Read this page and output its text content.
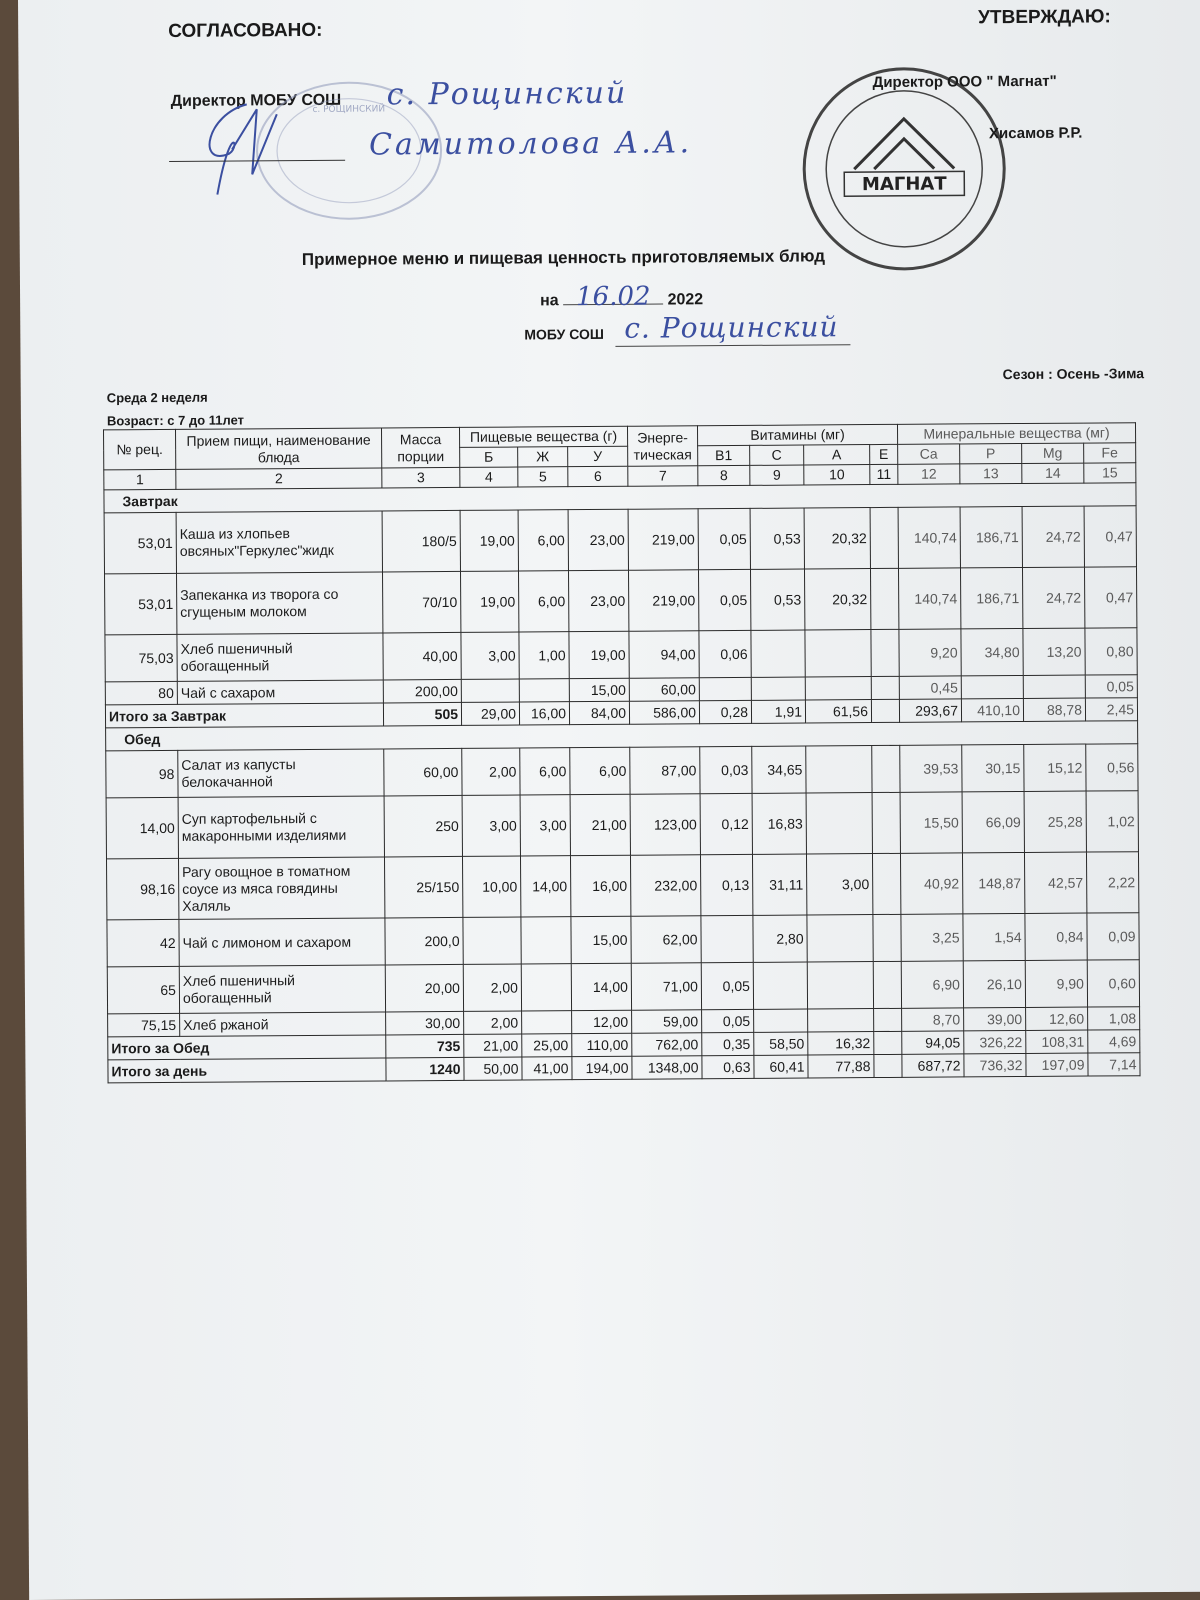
СОГЛАСОВАНО:
Директор МОБУ СОШ
с. РОЩИНСКИЙ с. Рощинский
Самитолова А.А.
УТВЕРЖДАЮ:
МАГНАТ
Директор ООО " Магнат"
Хисамов Р.Р.
Примерное меню и пищевая ценность приготовляемых блюд
на	2022
16.02
МОБУ СОШ с. Рощинский
Среда 2 неделя
Возраст: с 7 до 11лет
Сезон : Осень -Зима
№ рец.	Прием пищи, наименование блюда	Масса порции	Пищевые вещества (г)			Энерге-тическая	Витамины (мг)				Минеральные вещества (мг)			
			Б	Ж	У		В1	С	А	Е	Ca	P	Mg	Fe
1	2	3	4	5	6	7	8	9	10	11	12	13	14	15
Завтрак														
53,01	Каша из хлопьев овсяных"Геркулес"жидк	180/5	19,00	6,00	23,00	219,00	0,05	0,53	20,32		140,74	186,71	24,72	0,47
53,01	Запеканка из творога со сгущеным молоком	70/10	19,00	6,00	23,00	219,00	0,05	0,53	20,32		140,74	186,71	24,72	0,47
75,03	Хлеб пшеничный обогащенный	40,00	3,00	1,00	19,00	94,00	0,06				9,20	34,80	13,20	0,80
80	Чай с сахаром	200,00			15,00	60,00					0,45			0,05
Итого за Завтрак		505	29,00	16,00	84,00	586,00	0,28	1,91	61,56		293,67	410,10	88,78	2,45
Обед														
98	Салат из капусты белокачанной	60,00	2,00	6,00	6,00	87,00	0,03	34,65			39,53	30,15	15,12	0,56
14,00	Суп картофельный с макаронными изделиями	250	3,00	3,00	21,00	123,00	0,12	16,83			15,50	66,09	25,28	1,02
98,16	Рагу овощное в томатном соусе из мяса говядины Халяль	25/150	10,00	14,00	16,00	232,00	0,13	31,11	3,00		40,92	148,87	42,57	2,22
42	Чай с лимоном и сахаром	200,0			15,00	62,00		2,80			3,25	1,54	0,84	0,09
65	Хлеб пшеничный обогащенный	20,00	2,00		14,00	71,00	0,05				6,90	26,10	9,90	0,60
75,15	Хлеб ржаной	30,00	2,00		12,00	59,00	0,05				8,70	39,00	12,60	1,08
Итого за Обед		735	21,00	25,00	110,00	762,00	0,35	58,50	16,32		94,05	326,22	108,31	4,69
Итого за день		1240	50,00	41,00	194,00	1348,00	0,63	60,41	77,88		687,72	736,32	197,09	7,14
